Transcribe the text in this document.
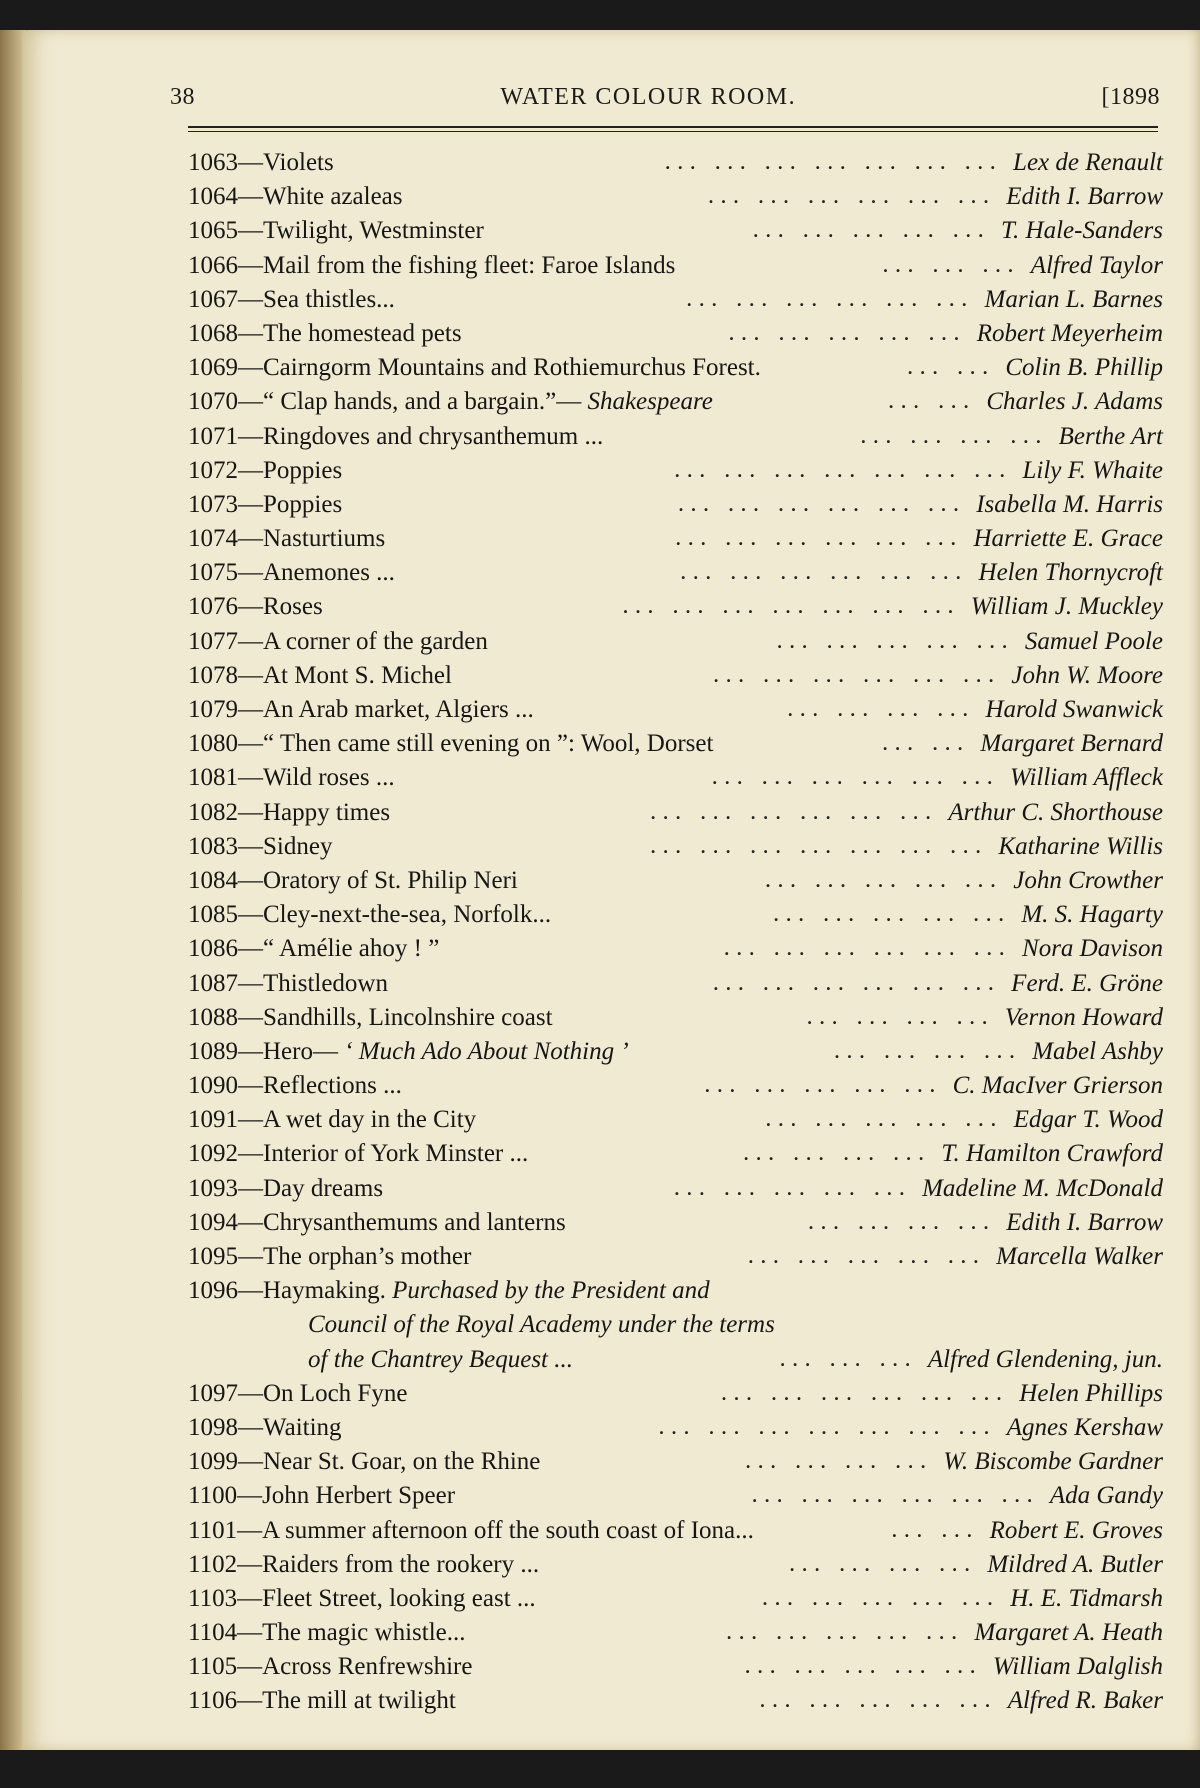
38	WATER COLOUR ROOM.	[1898
1063—Violets	Lex de Renault
... ... ... ... ... ... ...
1064—White azaleas	Edith I. Barrow
... ... ... ... ... ...
1065—Twilight, Westminster	T. Hale-Sanders
... ... ... ... ...
1066—Mail from the fishing fleet: Faroe Islands	Alfred Taylor
... ... ...
1067—Sea thistles...	Marian L. Barnes
... ... ... ... ... ...
1068—The homestead pets	Robert Meyerheim
... ... ... ... ...
1069—Cairngorm Mountains and Rothiemurchus Forest.	Colin B. Phillip
... ...
1070—“ Clap hands, and a bargain.”— Shakespeare	Charles J. Adams
... ...
1071—Ringdoves and chrysanthemum ...	Berthe Art
... ... ... ...
1072—Poppies	Lily F. Whaite
... ... ... ... ... ... ...
1073—Poppies	Isabella M. Harris
... ... ... ... ... ...
1074—Nasturtiums	Harriette E. Grace
... ... ... ... ... ...
1075—Anemones ...	Helen Thornycroft
... ... ... ... ... ...
1076—Roses	William J. Muckley
... ... ... ... ... ... ...
1077—A corner of the garden	Samuel Poole
... ... ... ... ...
1078—At Mont S. Michel	John W. Moore
... ... ... ... ... ...
1079—An Arab market, Algiers ...	Harold Swanwick
... ... ... ...
1080—“ Then came still evening on ”: Wool, Dorset	Margaret Bernard
... ...
1081—Wild roses ...	William Affleck
... ... ... ... ... ...
1082—Happy times	Arthur C. Shorthouse
... ... ... ... ... ...
1083—Sidney	Katharine Willis
... ... ... ... ... ... ...
1084—Oratory of St. Philip Neri	John Crowther
... ... ... ... ...
1085—Cley-next-the-sea, Norfolk...	M. S. Hagarty
... ... ... ... ...
1086—“ Amélie ahoy ! ”	Nora Davison
... ... ... ... ... ...
1087—Thistledown	Ferd. E. Gröne
... ... ... ... ... ...
1088—Sandhills, Lincolnshire coast	Vernon Howard
... ... ... ...
1089—Hero— ‘ Much Ado About Nothing ’	Mabel Ashby
... ... ... ...
1090—Reflections ...	C. MacIver Grierson
... ... ... ... ...
1091—A wet day in the City	Edgar T. Wood
... ... ... ... ...
1092—Interior of York Minster ...	T. Hamilton Crawford
... ... ... ...
1093—Day dreams	Madeline M. McDonald
... ... ... ... ...
1094—Chrysanthemums and lanterns	Edith I. Barrow
... ... ... ...
1095—The orphan’s mother	Marcella Walker
... ... ... ... ...
1096—Haymaking. Purchased by the President and
Council of the Royal Academy under the terms
of the Chantrey Bequest ...	Alfred Glendening, jun.
... ... ...
1097—On Loch Fyne	Helen Phillips
... ... ... ... ... ...
1098—Waiting	Agnes Kershaw
... ... ... ... ... ... ...
1099—Near St. Goar, on the Rhine	W. Biscombe Gardner
... ... ... ...
1100—John Herbert Speer	Ada Gandy
... ... ... ... ... ...
1101—A summer afternoon off the south coast of Iona...	Robert E. Groves
... ...
1102—Raiders from the rookery ...	Mildred A. Butler
... ... ... ...
1103—Fleet Street, looking east ...	H. E. Tidmarsh
... ... ... ... ...
1104—The magic whistle...	Margaret A. Heath
... ... ... ... ...
1105—Across Renfrewshire	William Dalglish
... ... ... ... ...
1106—The mill at twilight	Alfred R. Baker
... ... ... ... ...
